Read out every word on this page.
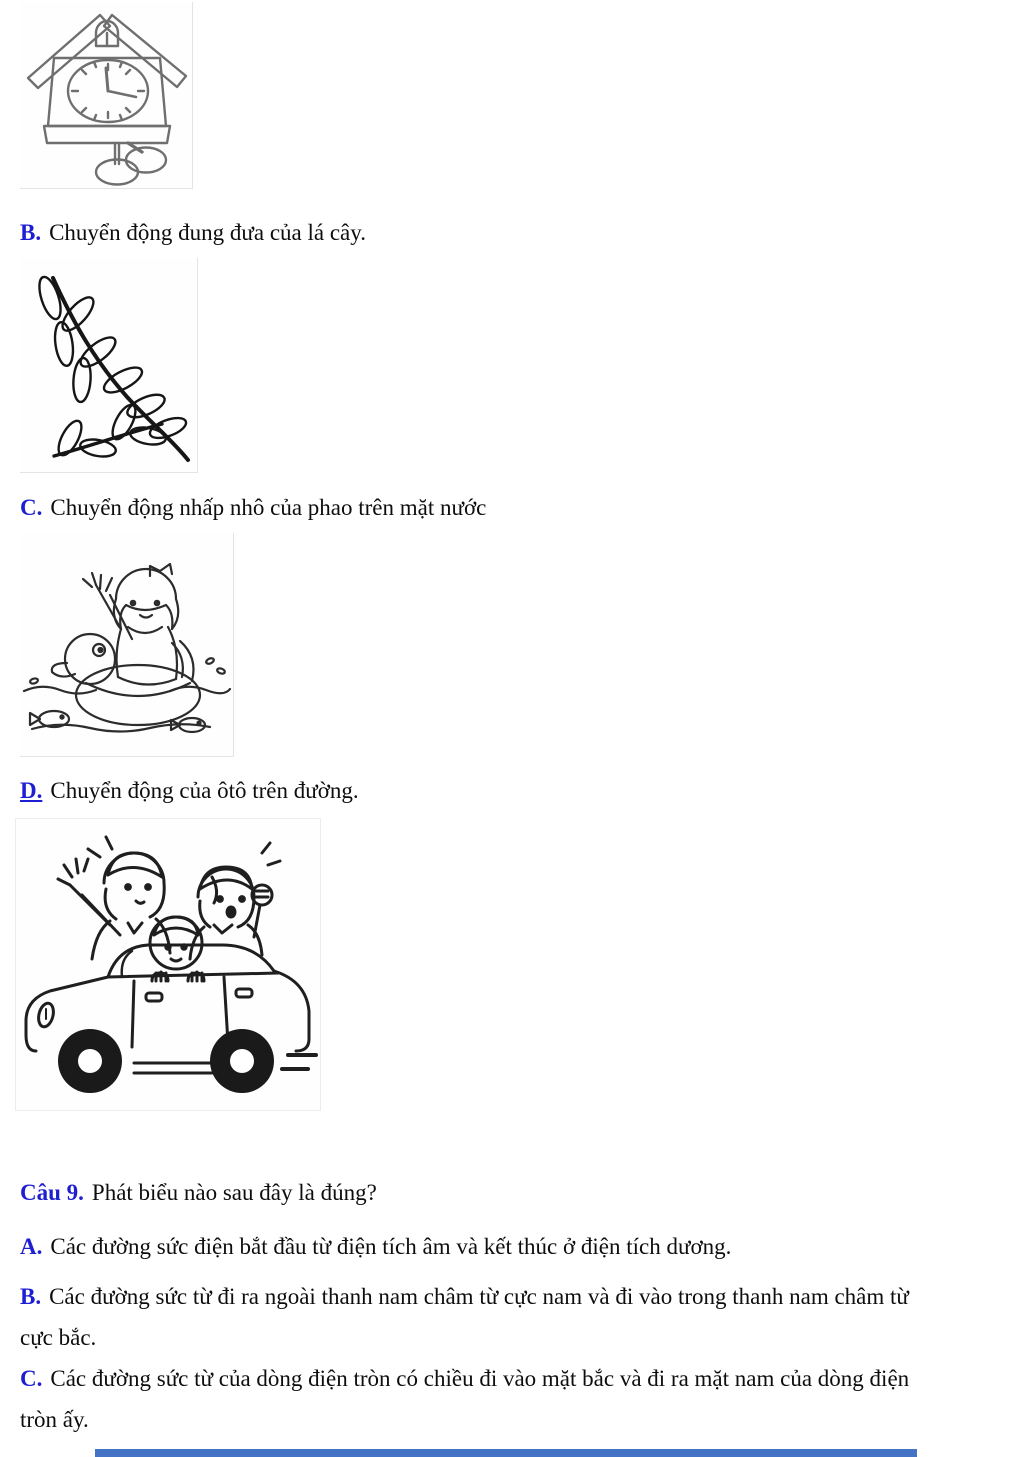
B. Chuyển động đung đưa của lá cây.

C. Chuyển động nhấp nhô của phao trên mặt nước

D. Chuyển động của ôtô trên đường.

Câu 9. Phát biểu nào sau đây là đúng?

A. Các đường sức điện bắt đầu từ điện tích âm và kết thúc ở điện tích dương.

B. Các đường sức từ đi ra ngoài thanh nam châm từ cực nam và đi vào trong thanh nam châm từ
cực bắc.

C. Các đường sức từ của dòng điện tròn có chiều đi vào mặt bắc và đi ra mặt nam của dòng điện
tròn ấy.
